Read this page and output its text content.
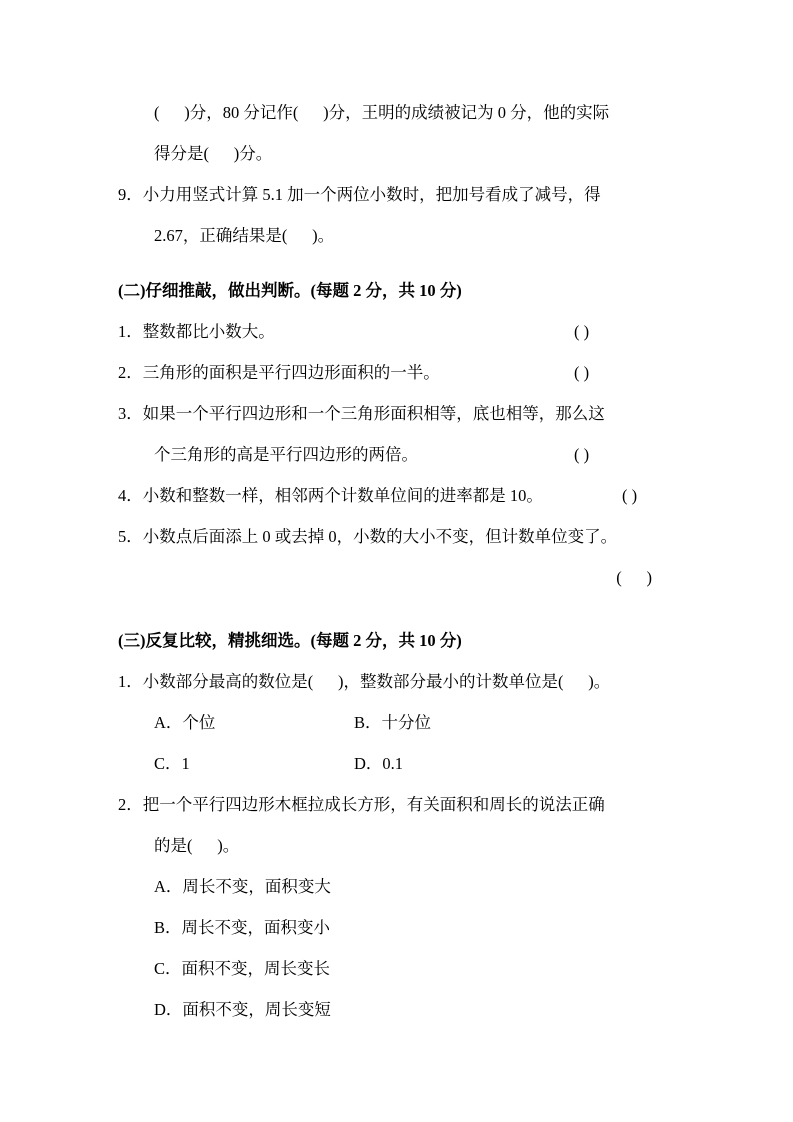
(      )分，80 分记作(      )分，王明的成绩被记为 0 分，他的实际
得分是(      )分。
9．小力用竖式计算 5.1 加一个两位小数时，把加号看成了减号，得
2.67，正确结果是(      )。
(二)仔细推敲，做出判断。(每题 2 分，共 10 分)
1．整数都比小数大。	( )
2．三角形的面积是平行四边形面积的一半。	( )
3．如果一个平行四边形和一个三角形面积相等，底也相等，那么这
个三角形的高是平行四边形的两倍。	( )
4．小数和整数一样，相邻两个计数单位间的进率都是 10。	( )
5．小数点后面添上 0 或去掉 0，小数的大小不变，但计数单位变了。
(      )
(三)反复比较，精挑细选。(每题 2 分，共 10 分)
1．小数部分最高的数位是(      )，整数部分最小的计数单位是(      )。
A．个位	B．十分位
C．1	D．0.1
2．把一个平行四边形木框拉成长方形，有关面积和周长的说法正确
的是(      )。
A．周长不变，面积变大
B．周长不变，面积变小
C．面积不变，周长变长
D．面积不变，周长变短
